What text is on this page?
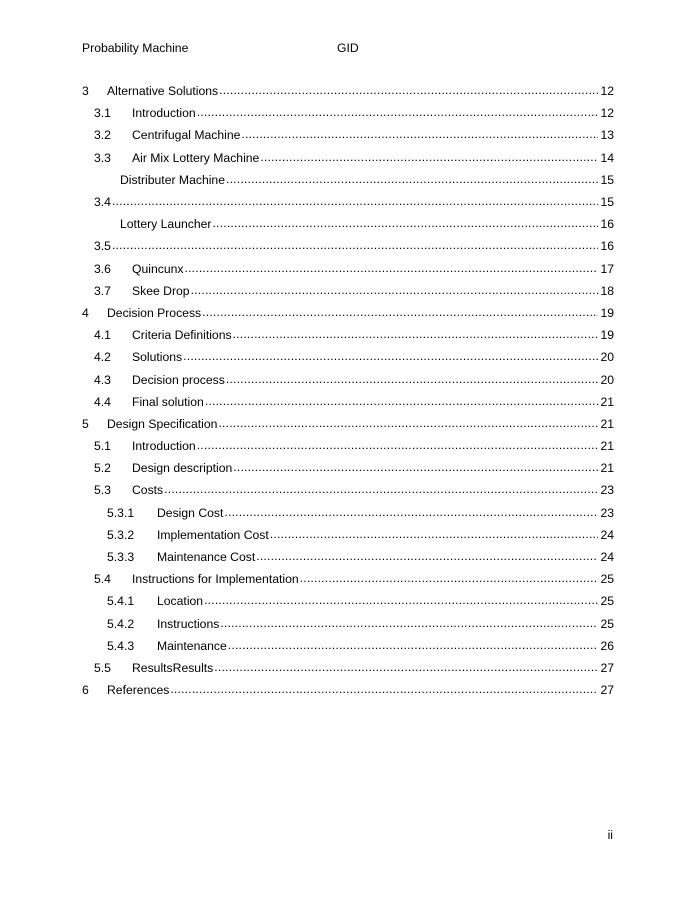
Probability Machine	GID
3	Alternative Solutions .....	12
3.1	Introduction .....	12
3.2	Centrifugal Machine .....	13
3.3	Air Mix Lottery Machine .....	14
Distributer Machine .....	15
3.4 .....	15
Lottery Launcher .....	16
3.5 .....	16
3.6	Quincunx .....	17
3.7	Skee Drop .....	18
4	Decision Process .....	19
4.1	Criteria Definitions .....	19
4.2	Solutions .....	20
4.3	Decision process .....	20
4.4	Final solution .....	21
5	Design Specification .....	21
5.1	Introduction .....	21
5.2	Design description .....	21
5.3	Costs .....	23
5.3.1	Design Cost .....	23
5.3.2	Implementation Cost .....	24
5.3.3	Maintenance Cost .....	24
5.4	Instructions for Implementation .....	25
5.4.1	Location .....	25
5.4.2	Instructions .....	25
5.4.3	Maintenance .....	26
5.5	ResultsResults .....	27
6	References .....	27
ii
